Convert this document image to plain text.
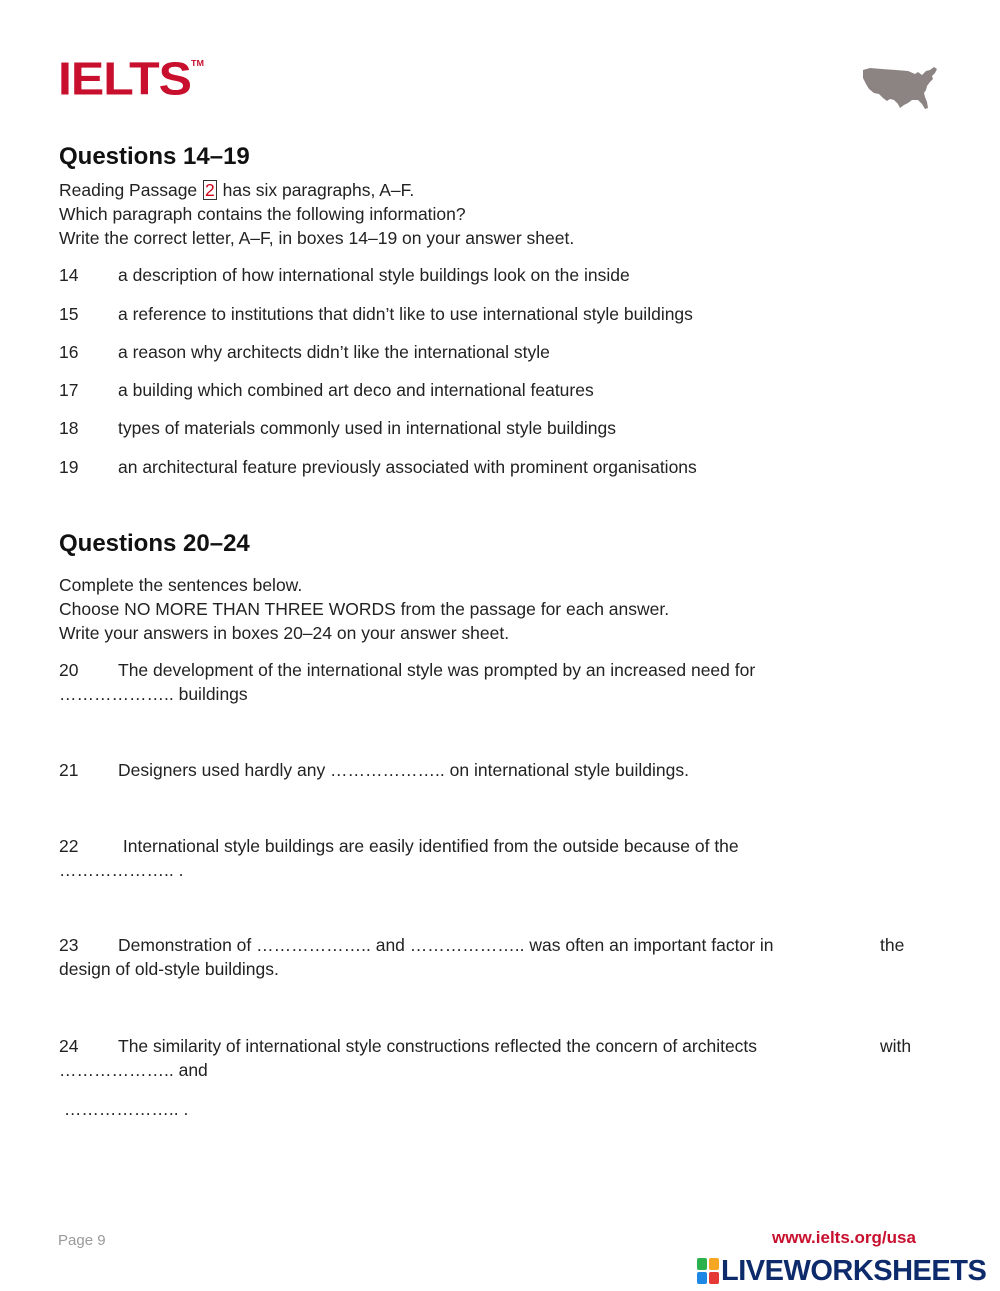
IELTS™
Questions 14–19
Reading Passage 2 has six paragraphs, A–F.
Which paragraph contains the following information?
Write the correct letter, A–F, in boxes 14–19 on your answer sheet.
14 a description of how international style buildings look on the inside
15 a reference to institutions that didn’t like to use international style buildings
16 a reason why architects didn’t like the international style
17 a building which combined art deco and international features
18 types of materials commonly used in international style buildings
19 an architectural feature previously associated with prominent organisations
Questions 20–24
Complete the sentences below.
Choose NO MORE THAN THREE WORDS from the passage for each answer.
Write your answers in boxes 20–24 on your answer sheet.
20 The development of the international style was prompted by an increased need for
……………….. buildings
21 Designers used hardly any ……………….. on international style buildings.
22 International style buildings are easily identified from the outside because of the
……………….. .
23 Demonstration of ……………….. and ……………….. was often an important factor in	the
design of old-style buildings.
24 The similarity of international style constructions reflected the concern of architects	with
……………….. and
……………….. .
Page 9	www.ielts.org/usa
LIVEWORKSHEETS
